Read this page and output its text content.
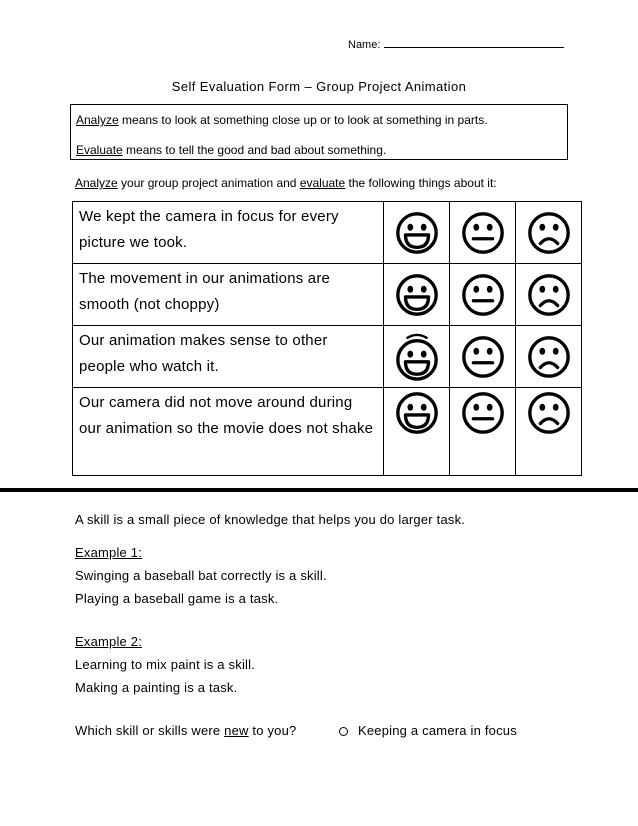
Name:
Self Evaluation Form – Group Project Animation
Analyze means to look at something close up or to look at something in parts.
Evaluate means to tell the good and bad about something.
Analyze your group project animation and evaluate the following things about it:
We kept the camera in focus for every picture we took.	

The movement in our animations are smooth (not choppy)	

Our animation makes sense to other people who watch it.	

Our camera did not move around during our animation so the movie does not shake	

A skill is a small piece of knowledge that helps you do larger task.
Example 1:
Swinging a baseball bat correctly is a skill.
Playing a baseball game is a task.
Example 2:
Learning to mix paint is a skill.
Making a painting is a task.
Which skill or skills were new to you?	Keeping a camera in focus
